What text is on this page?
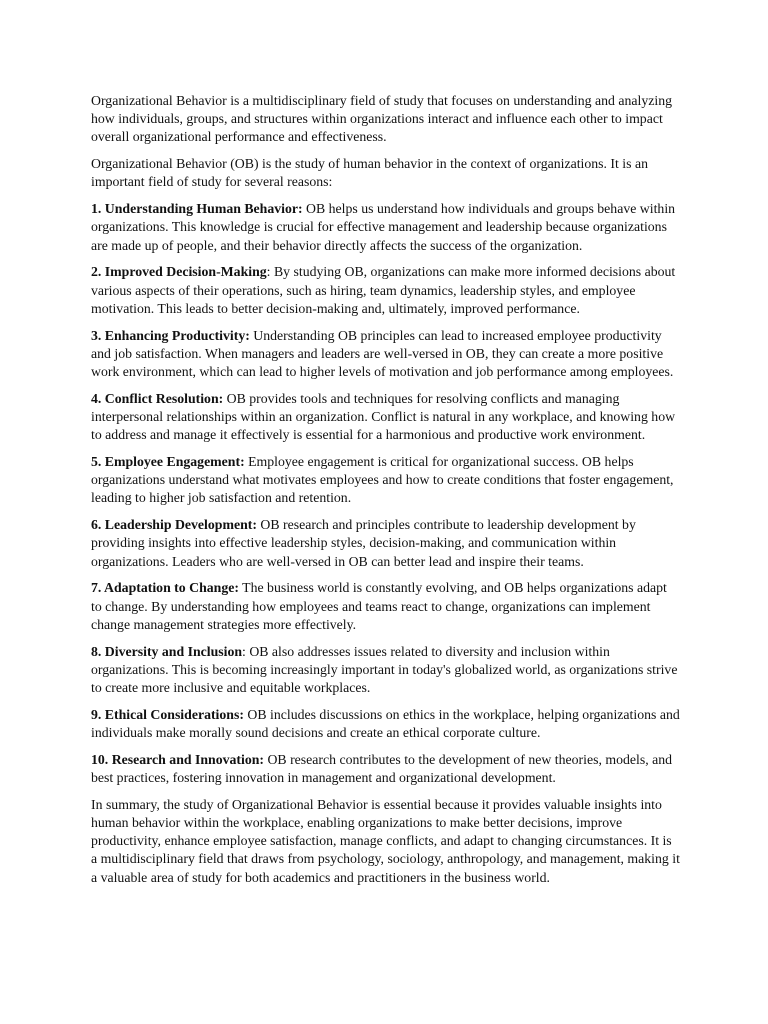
Organizational Behavior is a multidisciplinary field of study that focuses on understanding and analyzing how individuals, groups, and structures within organizations interact and influence each other to impact overall organizational performance and effectiveness.

Organizational Behavior (OB) is the study of human behavior in the context of organizations. It is an important field of study for several reasons:

1. Understanding Human Behavior: OB helps us understand how individuals and groups behave within organizations. This knowledge is crucial for effective management and leadership because organizations are made up of people, and their behavior directly affects the success of the organization.

2. Improved Decision-Making: By studying OB, organizations can make more informed decisions about various aspects of their operations, such as hiring, team dynamics, leadership styles, and employee motivation. This leads to better decision-making and, ultimately, improved performance.

3. Enhancing Productivity: Understanding OB principles can lead to increased employee productivity and job satisfaction. When managers and leaders are well-versed in OB, they can create a more positive work environment, which can lead to higher levels of motivation and job performance among employees.

4. Conflict Resolution: OB provides tools and techniques for resolving conflicts and managing interpersonal relationships within an organization. Conflict is natural in any workplace, and knowing how to address and manage it effectively is essential for a harmonious and productive work environment.

5. Employee Engagement: Employee engagement is critical for organizational success. OB helps organizations understand what motivates employees and how to create conditions that foster engagement, leading to higher job satisfaction and retention.

6. Leadership Development: OB research and principles contribute to leadership development by providing insights into effective leadership styles, decision-making, and communication within organizations. Leaders who are well-versed in OB can better lead and inspire their teams.

7. Adaptation to Change: The business world is constantly evolving, and OB helps organizations adapt to change. By understanding how employees and teams react to change, organizations can implement change management strategies more effectively.

8. Diversity and Inclusion: OB also addresses issues related to diversity and inclusion within organizations. This is becoming increasingly important in today's globalized world, as organizations strive to create more inclusive and equitable workplaces.

9. Ethical Considerations: OB includes discussions on ethics in the workplace, helping organizations and individuals make morally sound decisions and create an ethical corporate culture.

10. Research and Innovation: OB research contributes to the development of new theories, models, and best practices, fostering innovation in management and organizational development.

In summary, the study of Organizational Behavior is essential because it provides valuable insights into human behavior within the workplace, enabling organizations to make better decisions, improve productivity, enhance employee satisfaction, manage conflicts, and adapt to changing circumstances. It is a multidisciplinary field that draws from psychology, sociology, anthropology, and management, making it a valuable area of study for both academics and practitioners in the business world.
